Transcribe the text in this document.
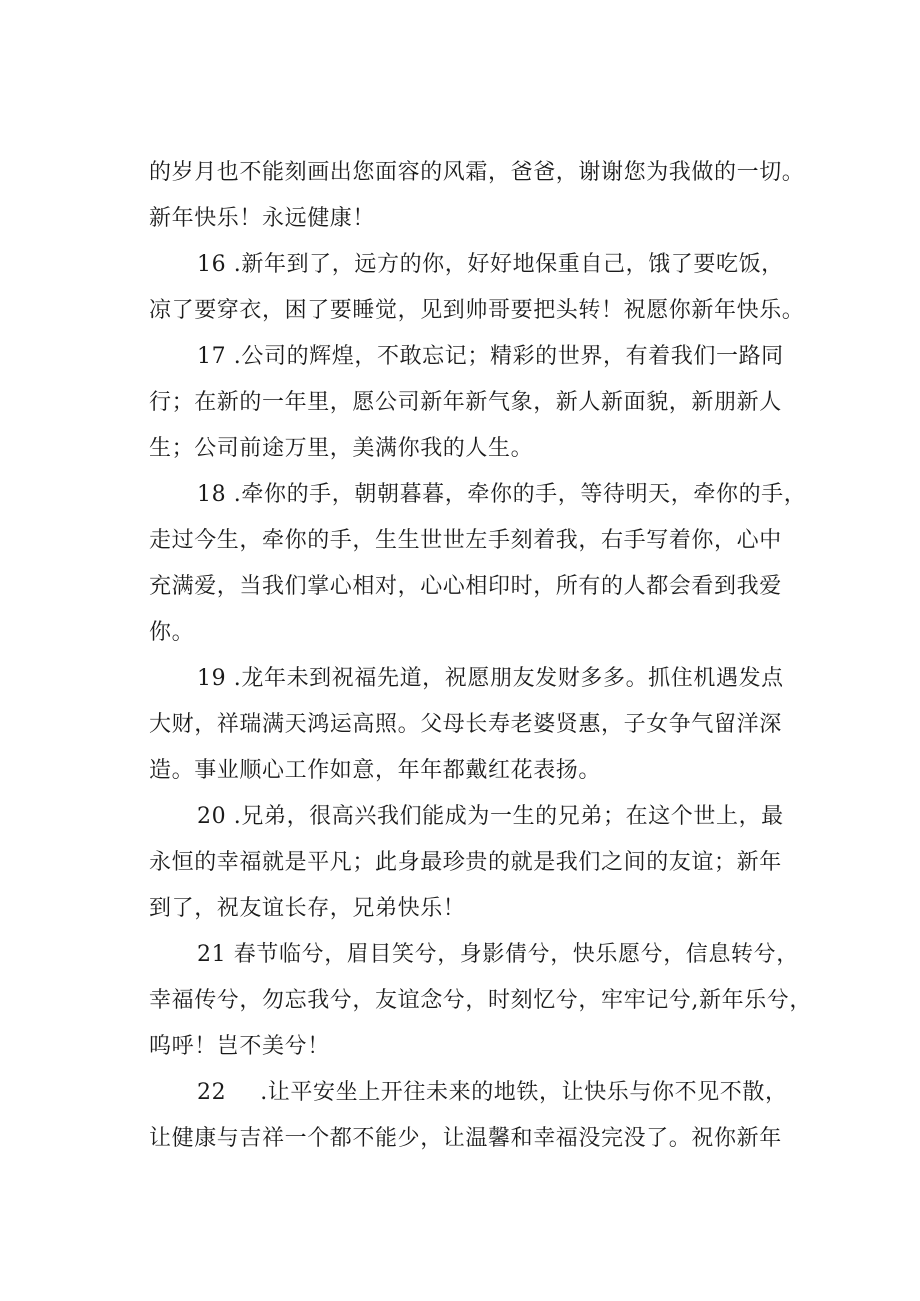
的岁月也不能刻画出您面容的风霜，爸爸，谢谢您为我做的一切。
新年快乐！永远健康！
16 .新年到了，远方的你，好好地保重自己，饿了要吃饭，
凉了要穿衣，困了要睡觉，见到帅哥要把头转！祝愿你新年快乐。
17 .公司的辉煌，不敢忘记；精彩的世界，有着我们一路同
行；在新的一年里，愿公司新年新气象，新人新面貌，新朋新人
生；公司前途万里，美满你我的人生。
18 .牵你的手，朝朝暮暮，牵你的手，等待明天，牵你的手，
走过今生，牵你的手，生生世世左手刻着我，右手写着你，心中
充满爱，当我们掌心相对，心心相印时，所有的人都会看到我爱
你。
19 .龙年未到祝福先道，祝愿朋友发财多多。抓住机遇发点
大财，祥瑞满天鸿运高照。父母长寿老婆贤惠，子女争气留洋深
造。事业顺心工作如意，年年都戴红花表扬。
20 .兄弟，很高兴我们能成为一生的兄弟；在这个世上，最
永恒的幸福就是平凡；此身最珍贵的就是我们之间的友谊；新年
到了，祝友谊长存，兄弟快乐！
21 春节临兮，眉目笑兮，身影倩兮，快乐愿兮，信息转兮，
幸福传兮，勿忘我兮，友谊念兮，时刻忆兮，牢牢记兮,新年乐兮，
呜呼！岂不美兮！
22 .让平安坐上开往未来的地铁，让快乐与你不见不散，
让健康与吉祥一个都不能少，让温馨和幸福没完没了。祝你新年
